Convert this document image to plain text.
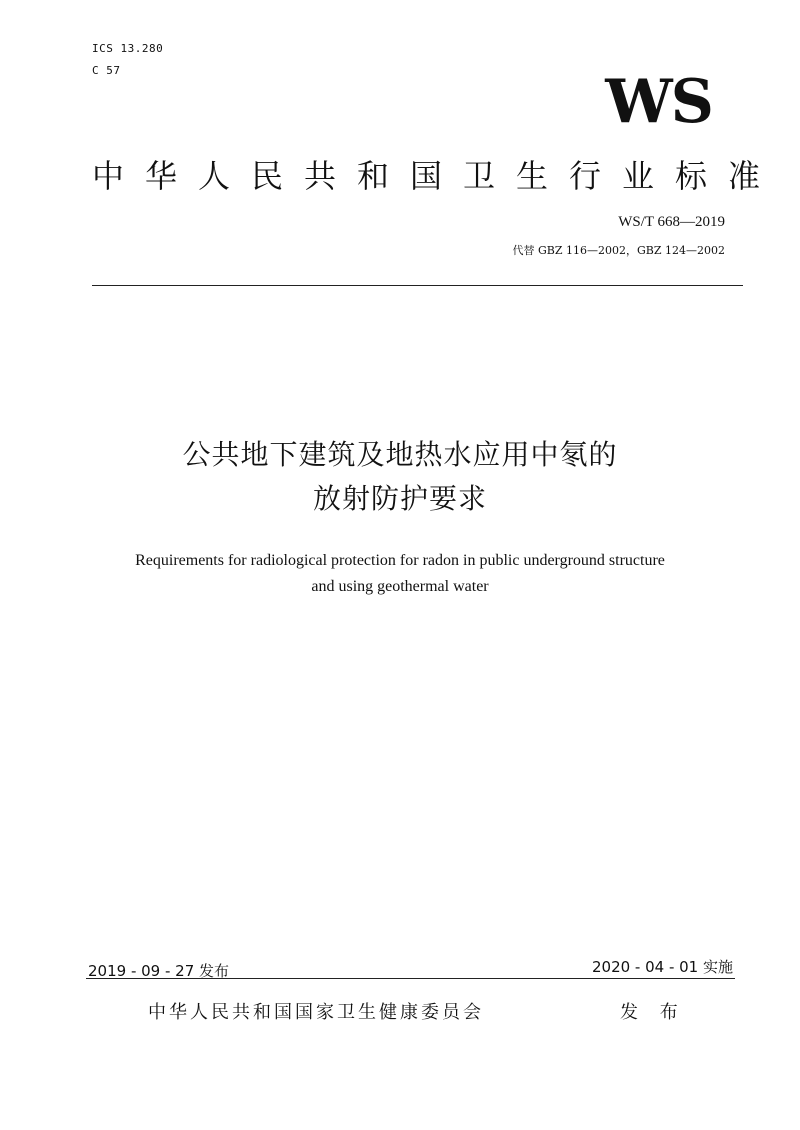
ICS 13.280
C 57	WS
中华人民共和国卫生行业标准
WS/T 668—2019
代替 GBZ 116—2002，GBZ 124—2002
公共地下建筑及地热水应用中氡的
放射防护要求
Requirements for radiological protection for radon in public underground structure
and using geothermal water
2019 - 09 - 27 发布	2020 - 04 - 01 实施
中华人民共和国国家卫生健康委员会	发 布
